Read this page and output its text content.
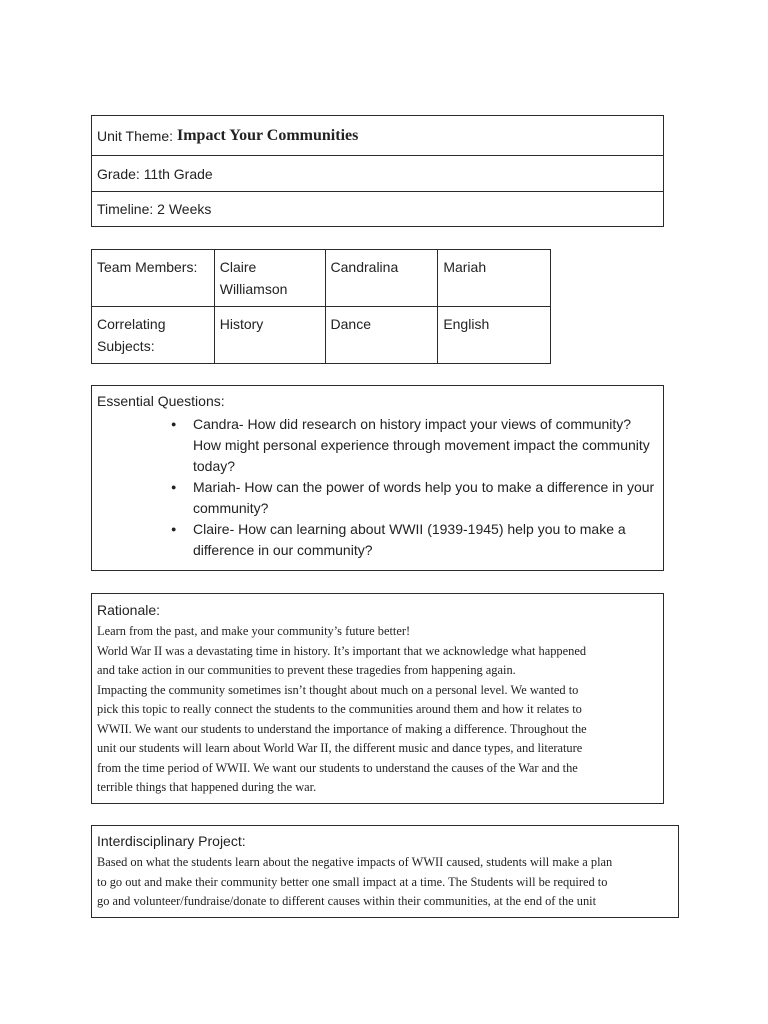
Unit Theme: Impact Your Communities
Grade: 11th Grade
Timeline: 2 Weeks
Team Members:	Claire Williamson	Candralina	Mariah
Correlating Subjects:	History	Dance	English
Essential Questions:
● Candra- How did research on history impact your views of community?How might personal experience through movement impact the community today?
● Mariah- How can the power of words help you to make a difference in your community?
● Claire- How can learning about WWII (1939-1945) help you to make a difference in our community?
Rationale:

Learn from the past, and make your community’s future better!

World War II was a devastating time in history. It’s important that we acknowledge what happened

and take action in our communities to prevent these tragedies from happening again.

Impacting the community sometimes isn’t thought about much on a personal level. We wanted to

pick this topic to really connect the students to the communities around them and how it relates to

WWII. We want our students to understand the importance of making a difference. Throughout the

unit our students will learn about World War II, the different music and dance types, and literature

from the time period of WWII. We want our students to understand the causes of the War and the

terrible things that happened during the war.

Interdisciplinary Project:

Based on what the students learn about the negative impacts of WWII caused, students will make a plan

to go out and make their community better one small impact at a time. The Students will be required to

go and volunteer/fundraise/donate to different causes within their communities, at the end of the unit
